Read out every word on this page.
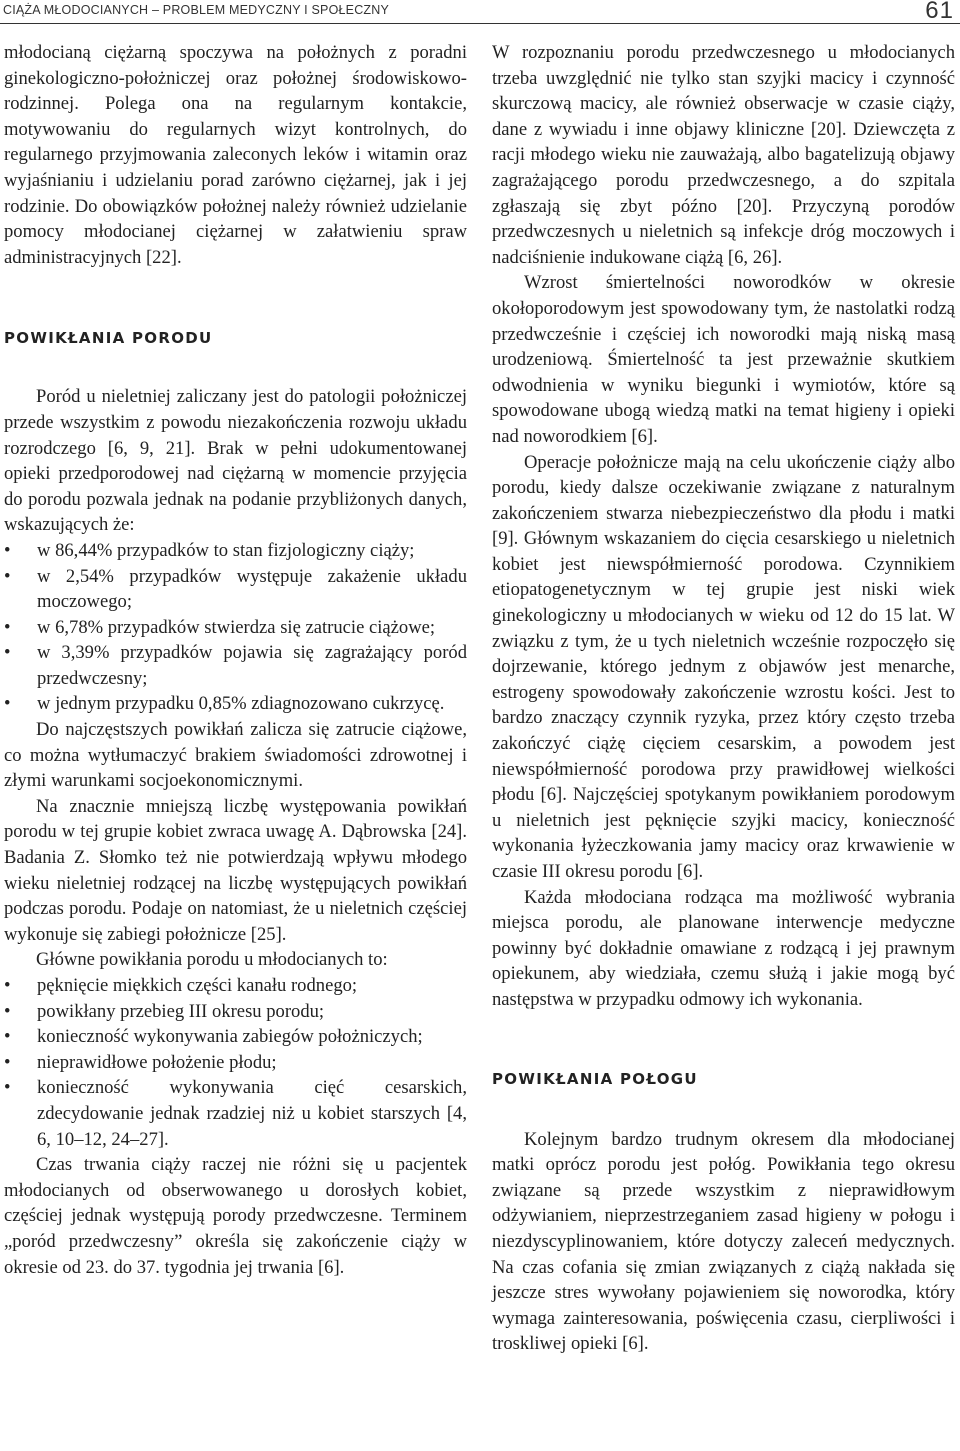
CIĄŻA MŁODOCIANYCH – PROBLEM MEDYCZNY I SPOŁECZNY	61

młodocianą ciężarną spoczywa na położnych z poradni ginekologiczno-położniczej oraz położnej środowiskowo-rodzinnej. Polega ona na regularnym kontakcie, motywowaniu do regularnych wizyt kontrolnych, do regularnego przyjmowania zaleconych leków i witamin oraz wyjaśnianiu i udzielaniu porad zarówno ciężarnej, jak i jej rodzinie. Do obowiązków położnej należy również udzielanie pomocy młodocianej ciężarnej w załatwieniu spraw administracyjnych [22].

POWIKŁANIA PORODU

Poród u nieletniej zaliczany jest do patologii położniczej przede wszystkim z powodu niezakończenia rozwoju układu rozrodczego [6, 9, 21]. Brak w pełni udokumentowanej opieki przedporodowej nad ciężarną w momencie przyjęcia do porodu pozwala jednak na podanie przybliżonych danych, wskazujących że:

• w 86,44% przypadków to stan fizjologiczny ciąży;
• w 2,54% przypadków występuje zakażenie układu moczowego;
• w 6,78% przypadków stwierdza się zatrucie ciążowe;
• w 3,39% przypadków pojawia się zagrażający poród przedwczesny;
• w jednym przypadku 0,85% zdiagnozowano cukrzycę.

Do najczęstszych powikłań zalicza się zatrucie ciążowe, co można wytłumaczyć brakiem świadomości zdrowotnej i złymi warunkami socjoekonomicznymi.

Na znacznie mniejszą liczbę występowania powikłań porodu w tej grupie kobiet zwraca uwagę A. Dąbrowska [24]. Badania Z. Słomko też nie potwierdzają wpływu młodego wieku nieletniej rodzącej na liczbę występujących powikłań podczas porodu. Podaje on natomiast, że u nieletnich częściej wykonuje się zabiegi położnicze [25].

Główne powikłania porodu u młodocianych to:

• pęknięcie miękkich części kanału rodnego;
• powikłany przebieg III okresu porodu;
• konieczność wykonywania zabiegów położniczych;
• nieprawidłowe położenie płodu;
• konieczność wykonywania cięć cesarskich, zdecydowanie jednak rzadziej niż u kobiet starszych [4, 6, 10–12, 24–27].

Czas trwania ciąży raczej nie różni się u pacjentek młodocianych od obserwowanego u dorosłych kobiet, częściej jednak występują porody przedwczesne. Terminem „poród przedwczesny” określa się zakończenie ciąży w okresie od 23. do 37. tygodnia jej trwania [6].

W rozpoznaniu porodu przedwczesnego u młodocianych trzeba uwzględnić nie tylko stan szyjki macicy i czynność skurczową macicy, ale również obserwacje w czasie ciąży, dane z wywiadu i inne objawy kliniczne [20]. Dziewczęta z racji młodego wieku nie zauważają, albo bagatelizują objawy zagrażającego porodu przedwczesnego, a do szpitala zgłaszają się zbyt późno [20]. Przyczyną porodów przedwczesnych u nieletnich są infekcje dróg moczowych i nadciśnienie indukowane ciążą [6, 26].

Wzrost śmiertelności noworodków w okresie okołoporodowym jest spowodowany tym, że nastolatki rodzą przedwcześnie i częściej ich noworodki mają niską masą urodzeniową. Śmiertelność ta jest przeważnie skutkiem odwodnienia w wyniku biegunki i wymiotów, które są spowodowane ubogą wiedzą matki na temat higieny i opieki nad noworodkiem [6].

Operacje położnicze mają na celu ukończenie ciąży albo porodu, kiedy dalsze oczekiwanie związane z naturalnym zakończeniem stwarza niebezpieczeństwo dla płodu i matki [9]. Głównym wskazaniem do cięcia cesarskiego u nieletnich kobiet jest niewspółmierność porodowa. Czynnikiem etiopatogenetycznym w tej grupie jest niski wiek ginekologiczny u młodocianych w wieku od 12 do 15 lat. W związku z tym, że u tych nieletnich wcześnie rozpoczęło się dojrzewanie, którego jednym z objawów jest menarche, estrogeny spowodowały zakończenie wzrostu kości. Jest to bardzo znaczący czynnik ryzyka, przez który często trzeba zakończyć ciążę cięciem cesarskim, a powodem jest niewspółmierność porodowa przy prawidłowej wielkości płodu [6]. Najczęściej spotykanym powikłaniem porodowym u nieletnich jest pęknięcie szyjki macicy, konieczność wykonania łyżeczkowania jamy macicy oraz krwawienie w czasie III okresu porodu [6].

Każda młodociana rodząca ma możliwość wybrania miejsca porodu, ale planowane interwencje medyczne powinny być dokładnie omawiane z rodzącą i jej prawnym opiekunem, aby wiedziała, czemu służą i jakie mogą być następstwa w przypadku odmowy ich wykonania.

POWIKŁANIA POŁOGU

Kolejnym bardzo trudnym okresem dla młodocianej matki oprócz porodu jest połóg. Powikłania tego okresu związane są przede wszystkim z nieprawidłowym odżywianiem, nieprzestrzeganiem zasad higieny w połogu i niezdyscyplinowaniem, które dotyczy zaleceń medycznych. Na czas cofania się zmian związanych z ciążą nakłada się jeszcze stres wywołany pojawieniem się noworodka, który wymaga zainteresowania, poświęcenia czasu, cierpliwości i troskliwej opieki [6].
